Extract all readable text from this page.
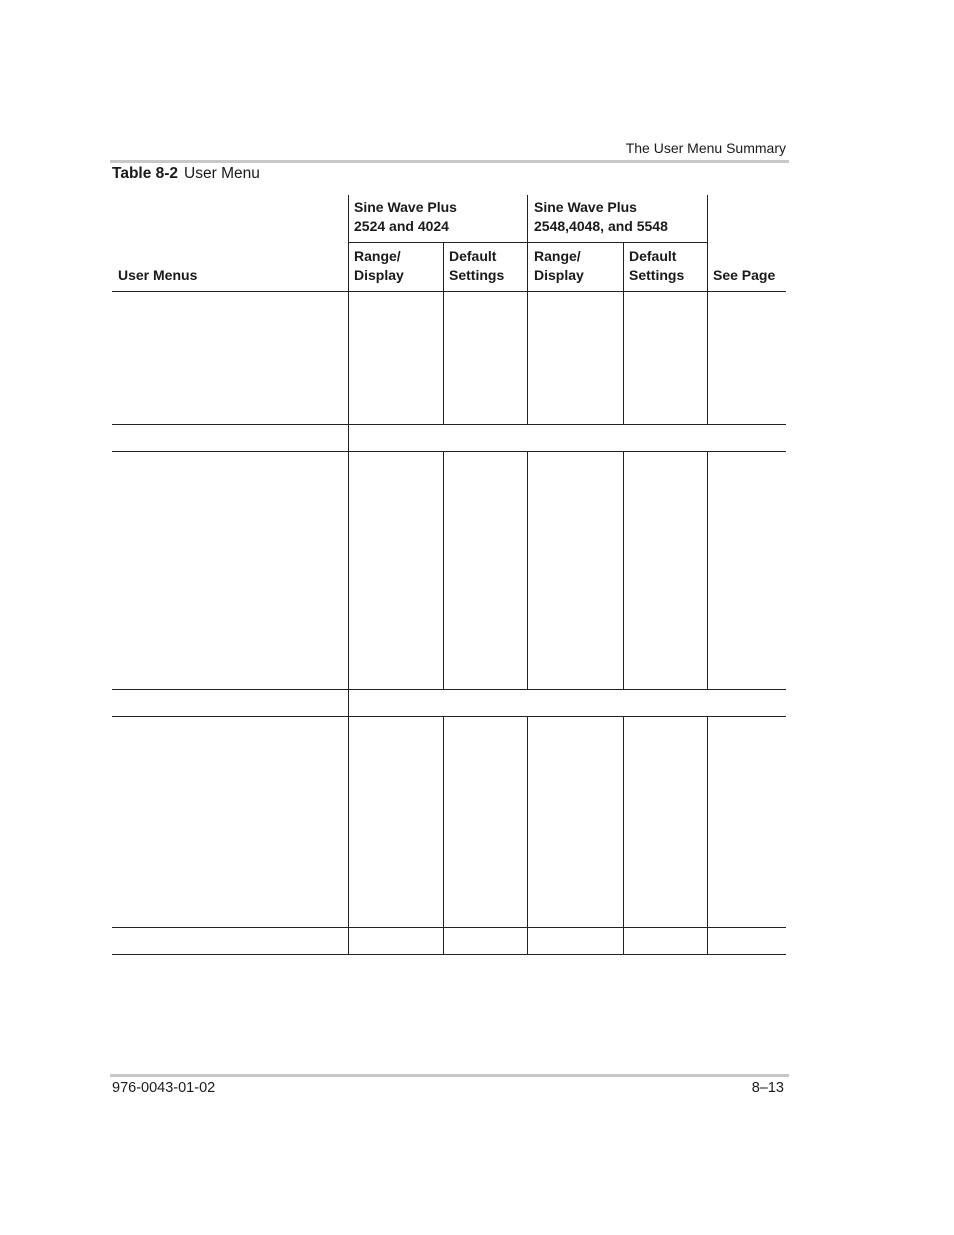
The User Menu Summary
Table 8-2 User Menu
Sine Wave Plus
2524 and 4024
Sine Wave Plus
2548,4048, and 5548
User Menus
Range/
Display
Default
Settings
Range/
Display
Default
Settings See Page
976-0043-01-02	8–13
